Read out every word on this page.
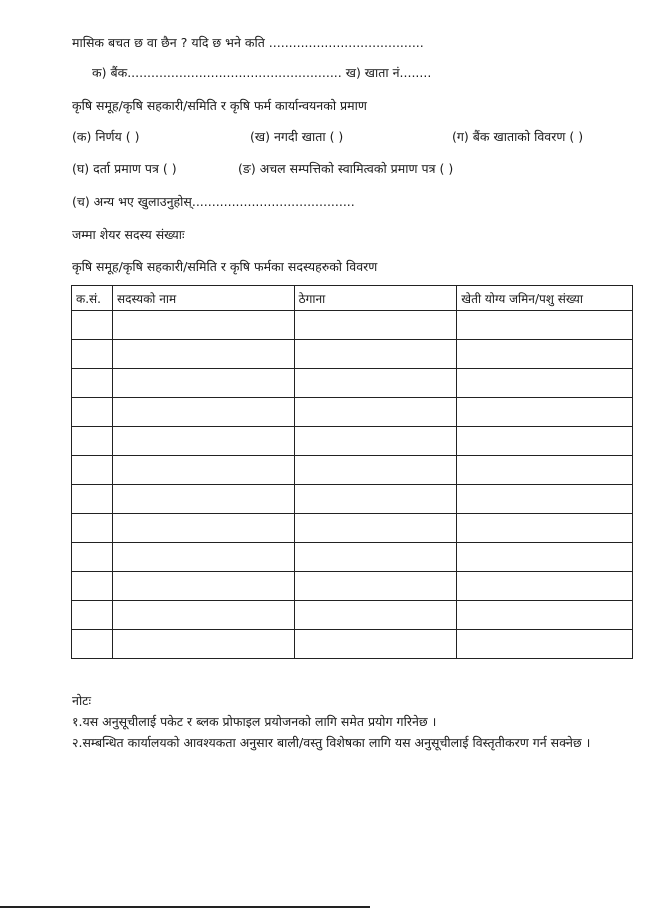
मासिक बचत छ वा छैन ? यदि छ भने कति .......................................
क) बैंक...................................................... ख) खाता नं........
कृषि समूह/कृषि सहकारी/समिति र कृषि फर्म कार्यान्वयनको प्रमाण
(क) निर्णय ( )	(ख) नगदी खाता ( )	(ग) बैंक खाताको विवरण ( )
(घ) दर्ता प्रमाण पत्र ( )	(ङ) अचल सम्पत्तिको स्वामित्वको प्रमाण पत्र ( )
(च) अन्य भए खुलाउनुहोस्.........................................
जम्मा शेयर सदस्य संख्याः
कृषि समूह/कृषि सहकारी/समिति र कृषि फर्मका सदस्यहरुको विवरण
क.सं.	सदस्यको नाम	ठेगाना	खेती योग्य जमिन/पशु संख्या

नोटः
१.यस अनुसूचीलाई पकेट र ब्लक प्रोफाइल प्रयोजनको लागि समेत प्रयोग गरिनेछ ।
२.सम्बन्धित कार्यालयको आवश्यकता अनुसार बाली/वस्तु विशेषका लागि यस अनुसूचीलाई विस्तृतीकरण गर्न सक्नेछ ।
